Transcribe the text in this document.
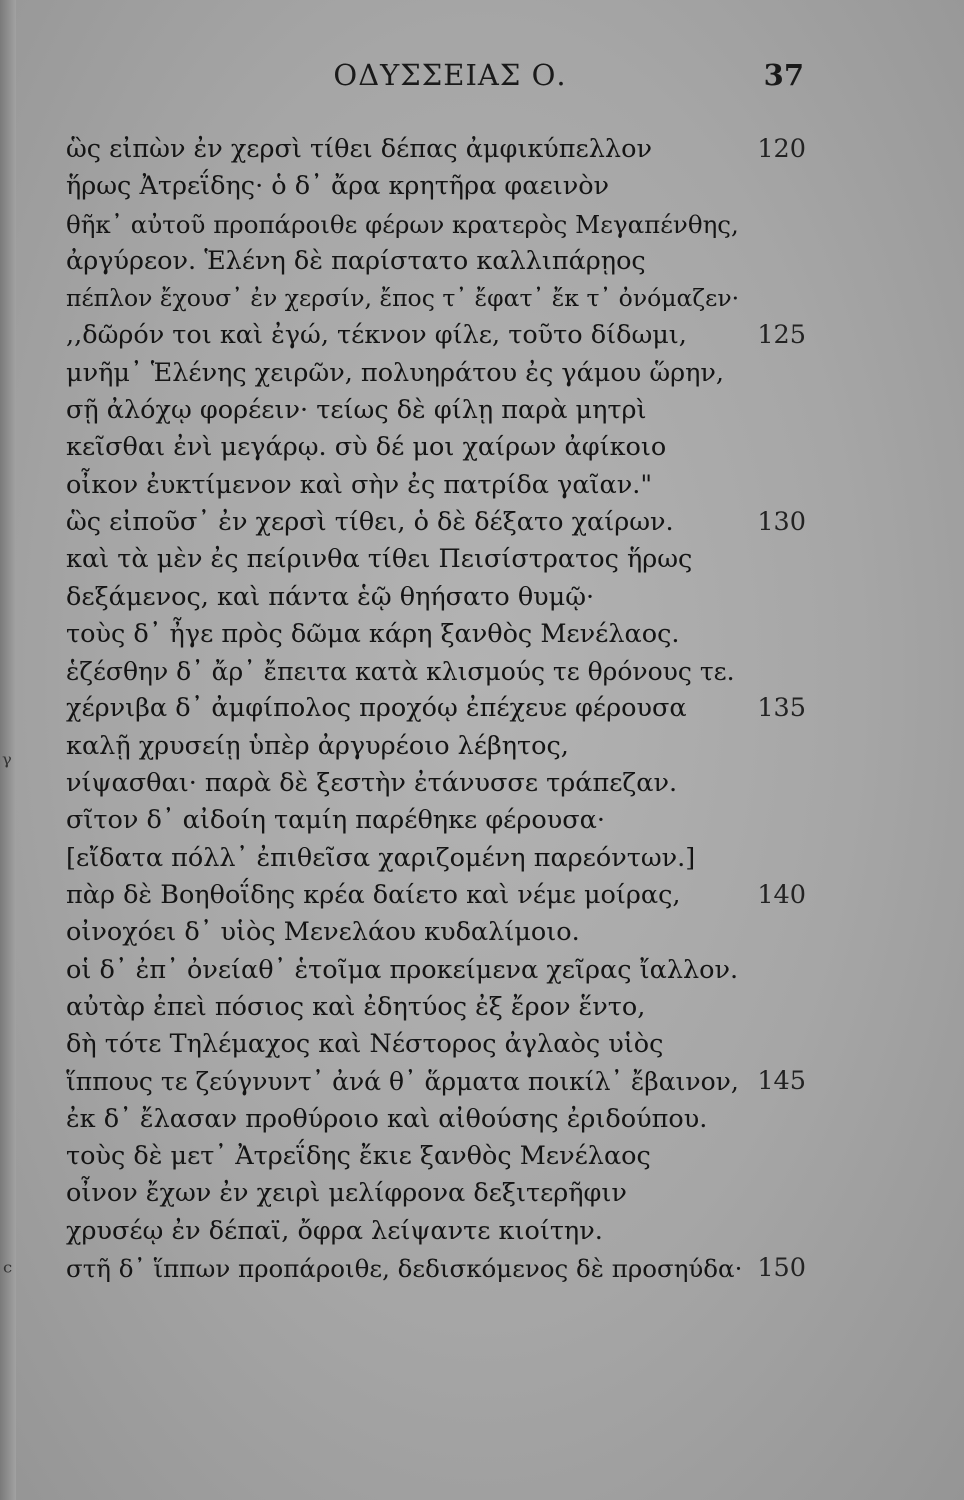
ΟΔΥΣΣΕΙΑΣ Ο.	37
ᵞ
ᶜ
ὣς εἰπὼν ἐν χερσὶ τίθει δέπας ἀμφικύπελλον	120
ἥρως Ἀτρεΐδης· ὁ δ᾽ ἄρα κρητῆρα φαεινὸν
θῆκ᾽ αὐτοῦ προπάροιθε φέρων κρατερὸς Μεγαπένθης,
ἀργύρεον. Ἑλένη δὲ παρίστατο καλλιπάρῃος
πέπλον ἔχουσ᾽ ἐν χερσίν, ἔπος τ᾽ ἔφατ᾽ ἔκ τ᾽ ὀνόμαζεν·
,,δῶρόν τοι καὶ ἐγώ, τέκνον φίλε, τοῦτο δίδωμι,	125
μνῆμ᾽ Ἑλένης χειρῶν, πολυηράτου ἐς γάμου ὥρην,
σῇ ἀλόχῳ φορέειν· τείως δὲ φίλῃ παρὰ μητρὶ
κεῖσθαι ἐνὶ μεγάρῳ. σὺ δέ μοι χαίρων ἀφίκοιο
οἶκον ἐυκτίμενον καὶ σὴν ἐς πατρίδα γαῖαν."
ὣς εἰποῦσ᾽ ἐν χερσὶ τίθει, ὁ δὲ δέξατο χαίρων.	130
καὶ τὰ μὲν ἐς πείρινθα τίθει Πεισίστρατος ἥρως
δεξάμενος, καὶ πάντα ἑῷ θηήσατο θυμῷ·
τοὺς δ᾽ ἦγε πρὸς δῶμα κάρη ξανθὸς Μενέλαος.
ἑζέσθην δ᾽ ἄρ᾽ ἔπειτα κατὰ κλισμούς τε θρόνους τε.
χέρνιβα δ᾽ ἀμφίπολος προχόῳ ἐπέχευε φέρουσα	135
καλῇ χρυσείῃ ὑπὲρ ἀργυρέοιο λέβητος,
νίψασθαι· παρὰ δὲ ξεστὴν ἐτάνυσσε τράπεζαν.
σῖτον δ᾽ αἰδοίη ταμίη παρέθηκε φέρουσα·
[εἴδατα πόλλ᾽ ἐπιθεῖσα χαριζομένη παρεόντων.]
πὰρ δὲ Βοηθοΐδης κρέα δαίετο καὶ νέμε μοίρας,	140
οἰνοχόει δ᾽ υἱὸς Μενελάου κυδαλίμοιο.
οἱ δ᾽ ἐπ᾽ ὀνείαθ᾽ ἑτοῖμα προκείμενα χεῖρας ἴαλλον.
αὐτὰρ ἐπεὶ πόσιος καὶ ἐδητύος ἐξ ἔρον ἕντο,
δὴ τότε Τηλέμαχος καὶ Νέστορος ἀγλαὸς υἱὸς
ἵππους τε ζεύγνυντ᾽ ἀνά θ᾽ ἅρματα ποικίλ᾽ ἔβαινον, 145
ἐκ δ᾽ ἔλασαν προθύροιο καὶ αἰθούσης ἐριδούπου.
τοὺς δὲ μετ᾽ Ἀτρεΐδης ἔκιε ξανθὸς Μενέλαος
οἶνον ἔχων ἐν χειρὶ μελίφρονα δεξιτερῆφιν
χρυσέῳ ἐν δέπαϊ, ὄφρα λείψαντε κιοίτην.
στῆ δ᾽ ἵππων προπάροιθε, δεδισκόμενος δὲ προσηύδα· 150
